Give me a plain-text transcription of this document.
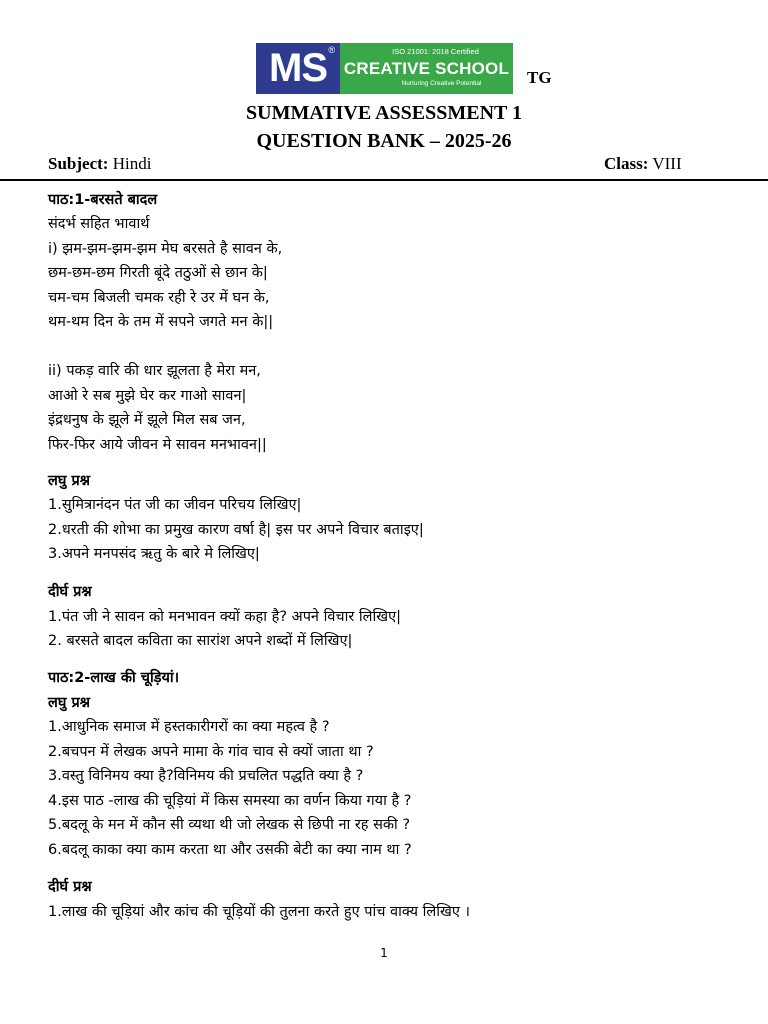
MS ®	ISO 21001: 2018 Certified
CREATIVE SCHOOL
Nurturing Creative Potential	TG
SUMMATIVE ASSESSMENT 1
QUESTION BANK – 2025-26
Subject: Hindi	Class: VIII
पाठ:1-बरसते बादल
संदर्भ सहित भावार्थ
i) झम-झम-झम-झम मेघ बरसते है सावन के,
छम-छम-छम गिरती बूंदे तठुओं से छान के|
चम-चम बिजली चमक रही रे उर में घन के,
थम-थम दिन के तम में सपने जगते मन के||
ii) पकड़ वारि की धार झूलता है मेरा मन,
आओ रे सब मुझे घेर कर गाओ सावन|
इंद्रधनुष के झूले में झूले मिल सब जन,
फिर-फिर आये जीवन मे सावन मनभावन||
लघु प्रश्न
1.सुमित्रानंदन पंत जी का जीवन परिचय लिखिए|
2.धरती की शोभा का प्रमुख कारण वर्षा है| इस पर अपने विचार बताइए|
3.अपने मनपसंद ऋतु के बारे मे लिखिए|
दीर्घ प्रश्न
1.पंत जी ने सावन को मनभावन क्यों कहा है? अपने विचार लिखिए|
2. बरसते बादल कविता का सारांश अपने शब्दों में लिखिए|
पाठ:2-लाख की चूड़ियां।
लघु प्रश्न
1.आधुनिक समाज में हस्तकारीगरों का क्या महत्व है ?
2.बचपन में लेखक अपने मामा के गांव चाव से क्यों जाता था ?
3.वस्तु विनिमय क्या है?विनिमय की प्रचलित पद्धति क्या है ?
4.इस पाठ -लाख की चूड़ियां में किस समस्या का वर्णन किया गया है ?
5.बदलू के मन में कौन सी व्यथा थी जो लेखक से छिपी ना रह सकी ?
6.बदलू काका क्या काम करता था और उसकी बेटी का क्या नाम था ?
दीर्घ प्रश्न
1.लाख की चूड़ियां और कांच की चूड़ियों की तुलना करते हुए पांच वाक्य लिखिए ।
1
